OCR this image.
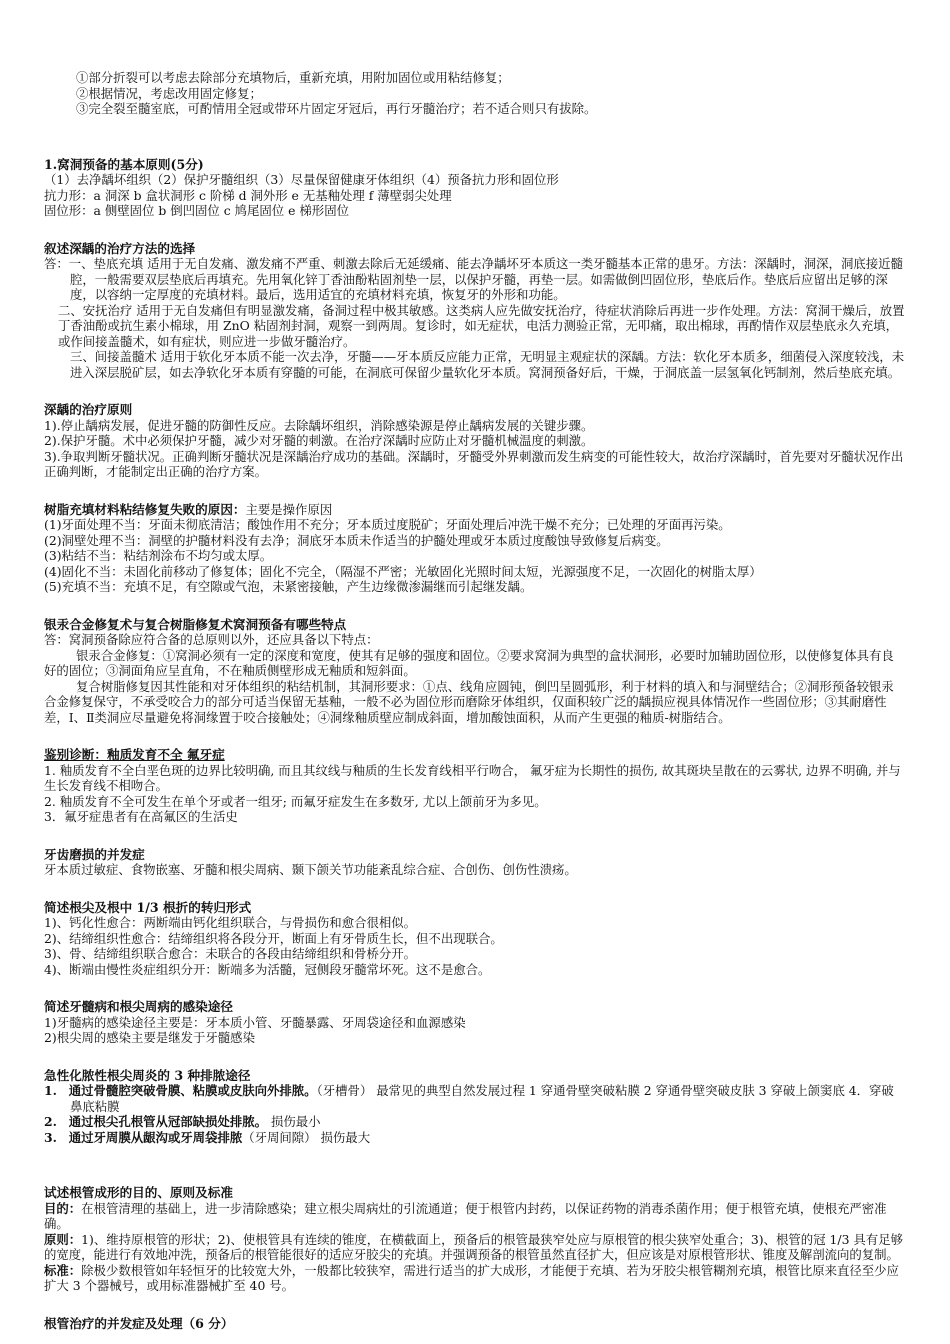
①部分折裂可以考虑去除部分充填物后，重新充填，用附加固位或用粘结修复；
②根据情况，考虑改用固定修复；
③完全裂至髓室底，可酌情用全冠或带环片固定牙冠后，再行牙髓治疗；若不适合则只有拔除。
1.窝洞预备的基本原则(5分)
（1）去净龋坏组织（2）保护牙髓组织（3）尽量保留健康牙体组织（4）预备抗力形和固位形
抗力形：a 洞深 b 盒状洞形 c 阶梯 d 洞外形 e 无基釉处理 f 薄壁弱尖处理
固位形：a 侧壁固位 b 倒凹固位 c 鸠尾固位 e 梯形固位
叙述深龋的治疗方法的选择
答：一、垫底充填 适用于无自发痛、激发痛不严重、刺激去除后无延缓痛、能去净龋坏牙本质这一类牙髓基本正常的患牙。方法：深龋时，洞深，洞底接近髓腔，一般需要双层垫底后再填充。先用氧化锌丁香油酚粘固剂垫一层，以保护牙髓，再垫一层。如需做倒凹固位形，垫底后作。垫底后应留出足够的深度，以容纳一定厚度的充填材料。最后，选用适宜的充填材料充填，恢复牙的外形和功能。
二、安抚治疗 适用于无自发痛但有明显激发痛，备洞过程中极其敏感。这类病人应先做安抚治疗，待症状消除后再进一步作处理。方法：窝洞干燥后，放置丁香油酚或抗生素小棉球，用 ZnO 粘固剂封洞，观察一到两周。复诊时，如无症状，电活力测验正常，无叩痛，取出棉球，再酌情作双层垫底永久充填，或作间接盖髓术，如有症状，则应进一步做牙髓治疗。
三、间接盖髓术 适用于软化牙本质不能一次去净，牙髓——牙本质反应能力正常，无明显主观症状的深龋。方法：软化牙本质多，细菌侵入深度较浅，未进入深层脱矿层，如去净软化牙本质有穿髓的可能，在洞底可保留少量软化牙本质。窝洞预备好后，干燥，于洞底盖一层氢氧化钙制剂，然后垫底充填。
深龋的治疗原则
1).停止龋病发展，促进牙髓的防御性反应。去除龋坏组织，消除感染源是停止龋病发展的关键步骤。
2).保护牙髓。术中必须保护牙髓，减少对牙髓的刺激。在治疗深龋时应防止对牙髓机械温度的刺激。
3).争取判断牙髓状况。正确判断牙髓状况是深龋治疗成功的基础。深龋时，牙髓受外界刺激而发生病变的可能性较大，故治疗深龋时，首先要对牙髓状况作出正确判断，才能制定出正确的治疗方案。
树脂充填材料粘结修复失败的原因：主要是操作原因
(1)牙面处理不当：牙面未彻底清洁；酸蚀作用不充分；牙本质过度脱矿；牙面处理后冲洗干燥不充分；已处理的牙面再污染。
(2)洞壁处理不当：洞壁的护髓材料没有去净；洞底牙本质未作适当的护髓处理或牙本质过度酸蚀导致修复后病变。
(3)粘结不当：粘结剂涂布不均匀或太厚。
(4)固化不当：未固化前移动了修复体；固化不完全，（隔湿不严密；光敏固化光照时间太短，光源强度不足，一次固化的树脂太厚）
(5)充填不当：充填不足，有空隙或气泡，未紧密接触，产生边缘微渗漏继而引起继发龋。
银汞合金修复术与复合树脂修复术窝洞预备有哪些特点
答：窝洞预备除应符合备的总原则以外，还应具备以下特点：
银汞合金修复：①窝洞必须有一定的深度和宽度，使其有足够的强度和固位。②要求窝洞为典型的盒状洞形，必要时加辅助固位形，以使修复体具有良好的固位；③洞面角应呈直角，不在釉质侧壁形成无釉质和短斜面。
复合树脂修复因其性能和对牙体组织的粘结机制，其洞形要求：①点、线角应圆钝，倒凹呈圆弧形，利于材料的填入和与洞壁结合；②洞形预备较银汞合金修复保守，不承受咬合力的部分可适当保留无基釉，一般不必为固位形而磨除牙体组织，仅面积较广泛的龋损应视具体情况作一些固位形；③其耐磨性差，Ⅰ、Ⅱ类洞应尽量避免将洞缘置于咬合接触处；④洞缘釉质壁应制成斜面，增加酸蚀面积，从而产生更强的釉质-树脂结合。
鉴别诊断：釉质发育不全 氟牙症
1. 釉质发育不全白垩色斑的边界比较明确, 而且其纹线与釉质的生长发育线相平行吻合， 氟牙症为长期性的损伤, 故其斑块呈散在的云雾状, 边界不明确, 并与生长发育线不相吻合。
2. 釉质发育不全可发生在单个牙或者一组牙; 而氟牙症发生在多数牙, 尤以上颌前牙为多见。
3．氟牙症患者有在高氟区的生活史
牙齿磨损的并发症
牙本质过敏症、食物嵌塞、牙髓和根尖周病、颞下颌关节功能紊乱综合症、合创伤、创伤性溃疡。
简述根尖及根中 1/3 根折的转归形式
1)、钙化性愈合：两断端由钙化组织联合，与骨损伤和愈合很相似。
2)、结缔组织性愈合：结缔组织将各段分开，断面上有牙骨质生长，但不出现联合。
3)、骨、结缔组织联合愈合：未联合的各段由结缔组织和骨桥分开。
4)、断端由慢性炎症组织分开：断端多为活髓，冠侧段牙髓常坏死。这不是愈合。
简述牙髓病和根尖周病的感染途径
1)牙髓病的感染途径主要是：牙本质小管、牙髓暴露、牙周袋途径和血源感染
2)根尖周的感染主要是继发于牙髓感染
急性化脓性根尖周炎的 3 种排脓途径
1. 通过骨髓腔突破骨膜、粘膜或皮肤向外排脓。（牙槽骨） 最常见的典型自然发展过程 1 穿通骨壁突破粘膜 2 穿通骨壁突破皮肤 3 穿破上颌窦底 4．穿破鼻底粘膜
2. 通过根尖孔根管从冠部缺损处排脓。 损伤最小
3. 通过牙周膜从龈沟或牙周袋排脓（牙周间隙） 损伤最大
试述根管成形的目的、原则及标准
目的：在根管清理的基础上，进一步清除感染；建立根尖周病灶的引流通道；便于根管内封药，以保证药物的消毒杀菌作用；便于根管充填，使根充严密准确。
原则：1)、维持原根管的形状；2)、使根管具有连续的锥度，在横截面上，预备后的根管最狭窄处应与原根管的根尖狭窄处重合；3)、根管的冠 1/3 具有足够的宽度，能进行有效地冲洗，预备后的根管能很好的适应牙胶尖的充填。并强调预备的根管虽然直径扩大，但应该是对原根管形状、锥度及解剖流向的复制。
标准：除极少数根管如年轻恒牙的比较宽大外，一般都比较狭窄，需进行适当的扩大成形，才能便于充填、若为牙胶尖根管糊剂充填，根管比原来直径至少应扩大 3 个器械号，或用标准器械扩至 40 号。
根管治疗的并发症及处理（6 分）
